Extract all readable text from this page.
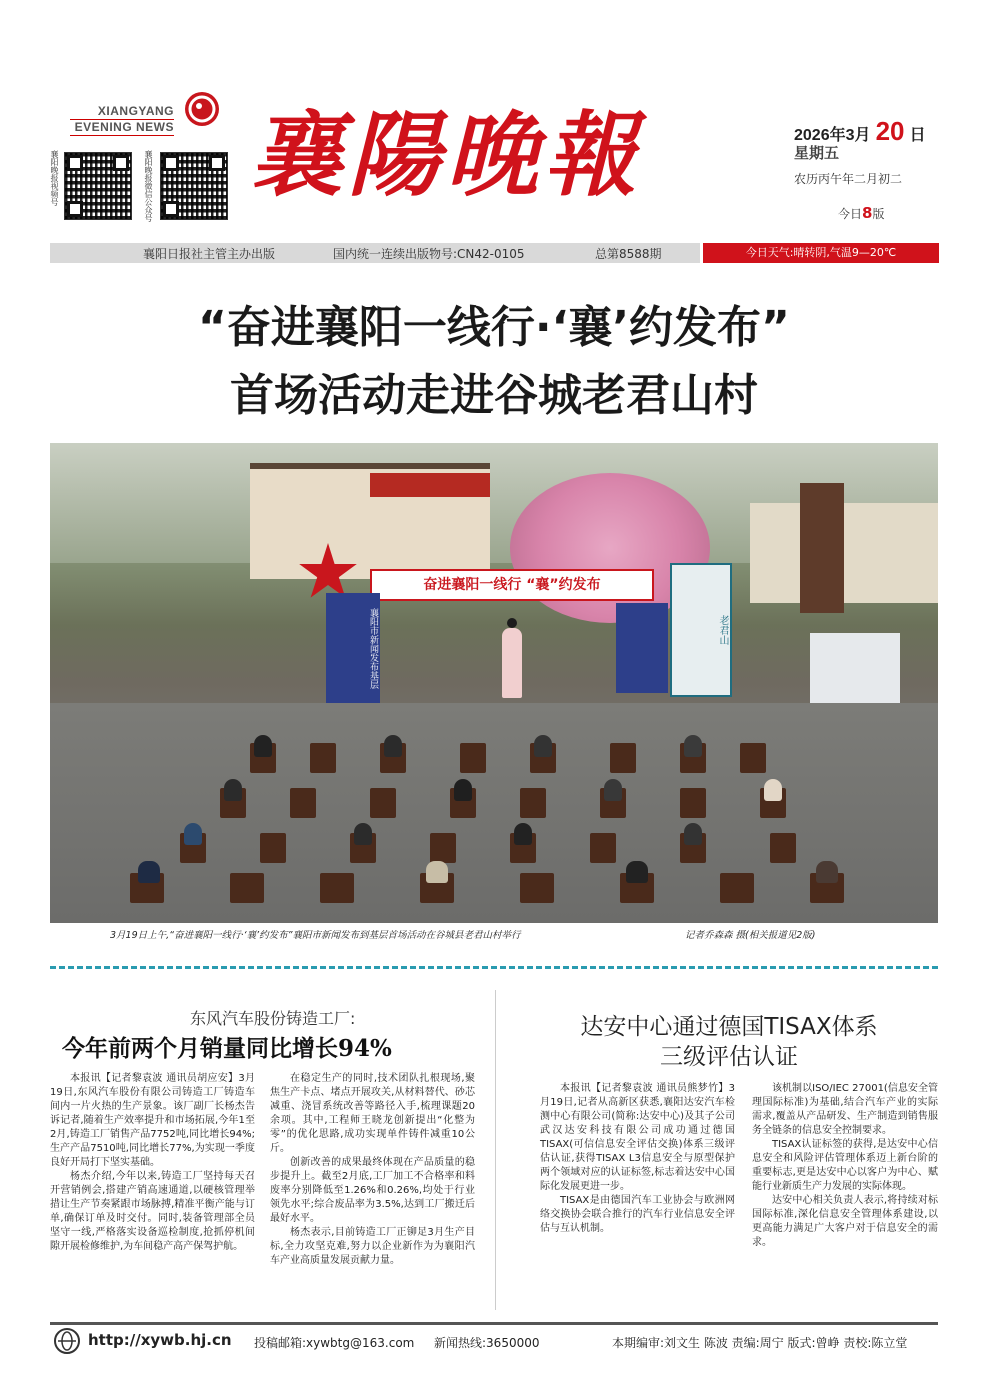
XIANGYANG
EVENING NEWS
襄阳晚报视频号	襄阳晚报微信公众号 襄陽晚報	2026年3月 20 日
星期五
农历丙午年二月初二
今日8版
襄阳日报社主管主办出版	国内统一连续出版物号:CN42-0105	总第8588期	今日天气:晴转阴,气温9—20℃
“奋进襄阳一线行·‘襄’约发布”
首场活动走进谷城老君山村
奋进襄阳一线行 “襄”约发布
襄阳市新闻发布基层	老君山
3月19日上午,“奋进襄阳一线行·‘襄’约发布”襄阳市新闻发布到基层首场活动在谷城县老君山村举行	记者乔森森 摄(相关报道见2版)
东风汽车股份铸造工厂:
今年前两个月销量同比增长94%

本报讯【记者黎袁波 通讯员胡应安】3月19日,东风汽车股份有限公司铸造工厂铸造车间内一片火热的生产景象。该厂副厂长杨杰告诉记者,随着生产效率提升和市场拓展,今年1至2月,铸造工厂销售产品7752吨,同比增长94%;生产产品7510吨,同比增长77%,为实现一季度良好开局打下坚实基础。

杨杰介绍,今年以来,铸造工厂坚持每天召开营销例会,搭建产销高速通道,以硬核管理举措让生产节奏紧跟市场脉搏,精准平衡产能与订单,确保订单及时交付。同时,装备管理部全员坚守一线,严格落实设备巡检制度,抢抓停机间隙开展检修维护,为车间稳产高产保驾护航。

在稳定生产的同时,技术团队扎根现场,聚焦生产卡点、堵点开展攻关,从材料替代、砂芯减重、浇冒系统改善等路径入手,梳理课题20余项。其中,工程师王晓龙创新提出“化整为零”的优化思路,成功实现单件铸件减重10公斤。

创新改善的成果最终体现在产品质量的稳步提升上。截至2月底,工厂加工不合格率和料废率分别降低至1.26%和0.26%,均处于行业领先水平;综合废品率为3.5%,达到工厂搬迁后最好水平。

杨杰表示,目前铸造工厂正铆足3月生产目标,全力攻坚克难,努力以企业新作为为襄阳汽车产业高质量发展贡献力量。

达安中心通过德国TISAX体系
三级评估认证

本报讯【记者黎袁波 通讯员熊梦竹】3月19日,记者从高新区获悉,襄阳达安汽车检测中心有限公司(简称:达安中心)及其子公司武汉达安科技有限公司成功通过德国TISAX(可信信息安全评估交换)体系三级评估认证,获得TISAX L3信息安全与原型保护两个领域对应的认证标签,标志着达安中心国际化发展更进一步。

TISAX是由德国汽车工业协会与欧洲网络交换协会联合推行的汽车行业信息安全评估与互认机制。

该机制以ISO/IEC 27001(信息安全管理国际标准)为基础,结合汽车产业的实际需求,覆盖从产品研发、生产制造到销售服务全链条的信息安全控制要求。

TISAX认证标签的获得,是达安中心信息安全和风险评估管理体系迈上新台阶的重要标志,更是达安中心以客户为中心、赋能行业新质生产力发展的实际体现。

达安中心相关负责人表示,将持续对标国际标准,深化信息安全管理体系建设,以更高能力满足广大客户对于信息安全的需求。

http://xywb.hj.cn 投稿邮箱:xywbtg@163.com 新闻热线:3650000	本期编审:刘文生 陈波 责编:周宁 版式:曾峥 责校:陈立堂
